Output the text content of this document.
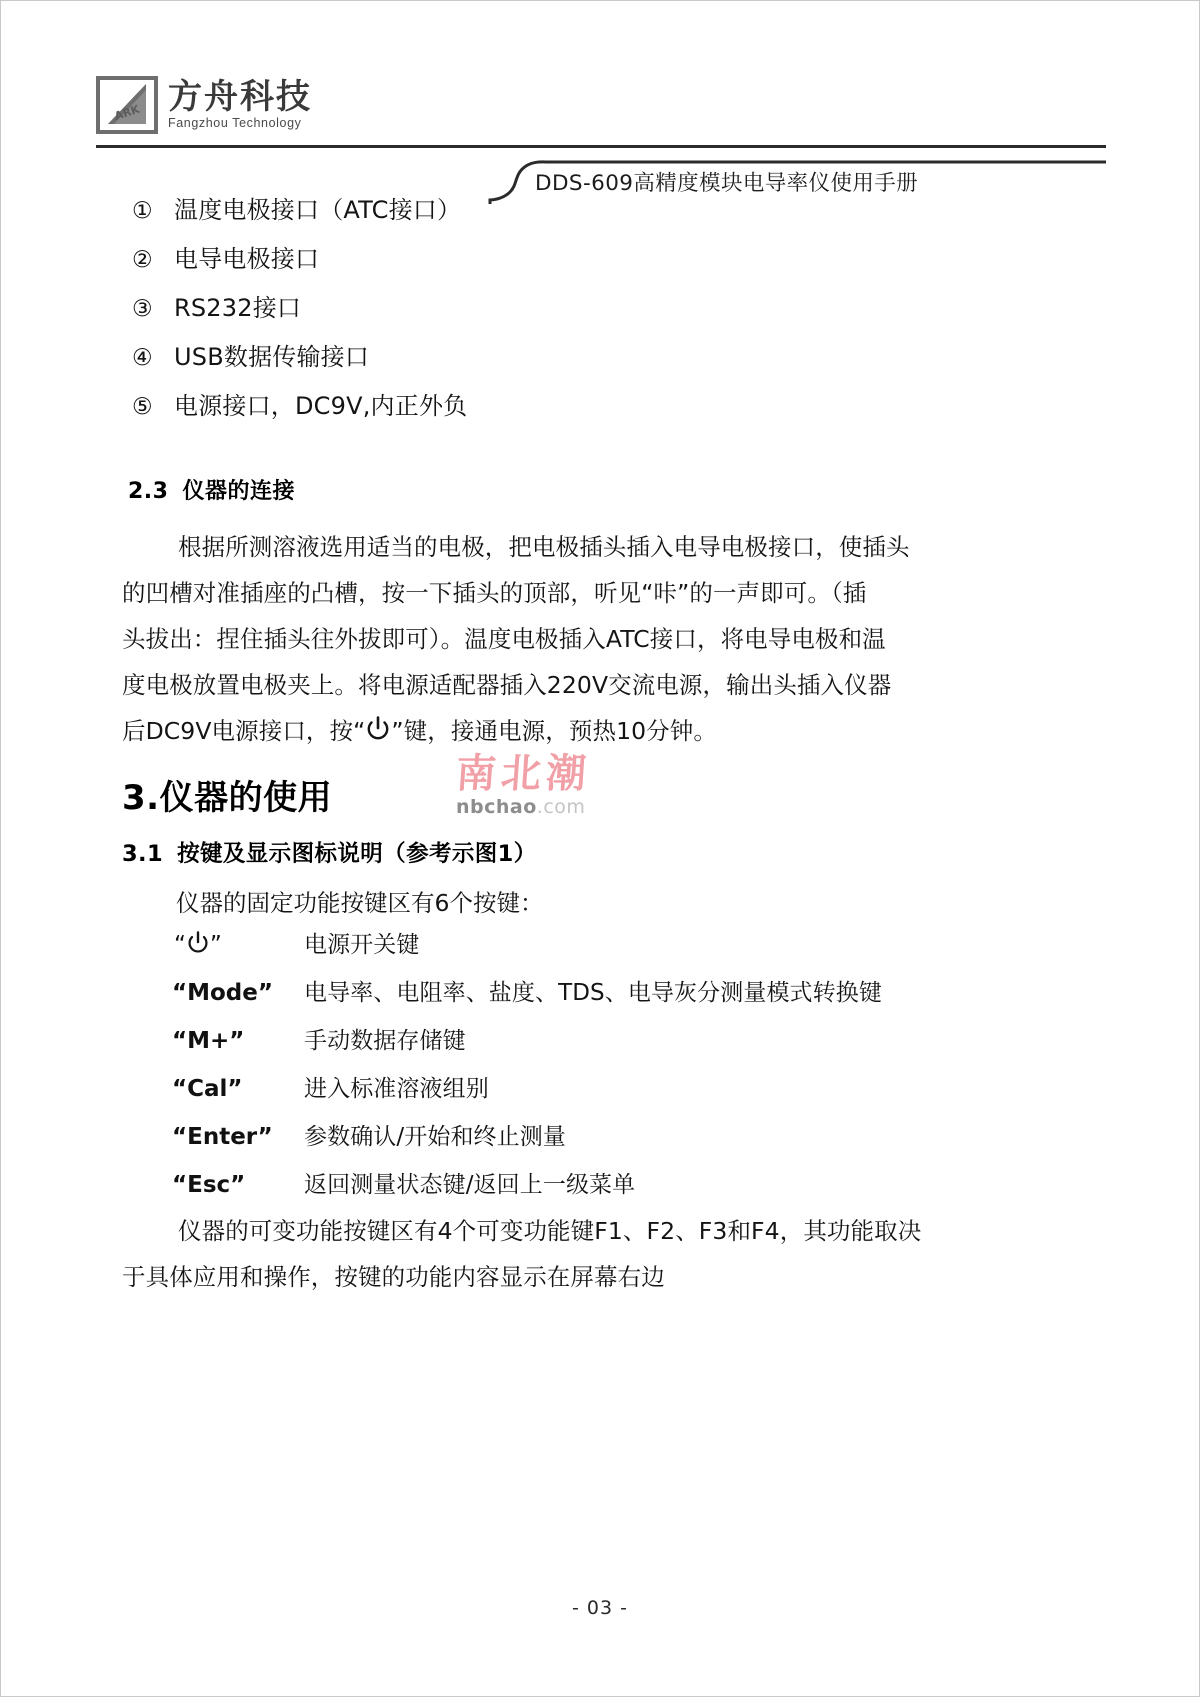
ARK 方舟科技
Fangzhou Technology
DDS-609高精度模块电导率仪使用手册
① 温度电极接口（ATC接口）
② 电导电极接口
③ RS232接口
④ USB数据传输接口
⑤ 电源接口，DC9V,内正外负
2.3 仪器的连接
根据所测溶液选用适当的电极，把电极插头插入电导电极接口，使插头
的凹槽对准插座的凸槽，按一下插头的顶部，听见“咔”的一声即可。（插
头拔出：捏住插头往外拔即可）。温度电极插入ATC接口，将电导电极和温
度电极放置电极夹上。将电源适配器插入220V交流电源，输出头插入仪器
后DC9V电源接口，按“ ”键，接通电源，预热10分钟。
3.仪器的使用
3.1 按键及显示图标说明（参考示图1）
仪器的固定功能按键区有6个按键：
“ ”	电源开关键
“Mode”	电导率、电阻率、盐度、TDS、电导灰分测量模式转换键
“M+”	手动数据存储键
“Cal”	进入标准溶液组别
“Enter”	参数确认/开始和终止测量
“Esc”	返回测量状态键/返回上一级菜单
仪器的可变功能按键区有4个可变功能键F1、F2、F3和F4，其功能取决
于具体应用和操作，按键的功能内容显示在屏幕右边
南北潮
nbchao.com
- 03 -
